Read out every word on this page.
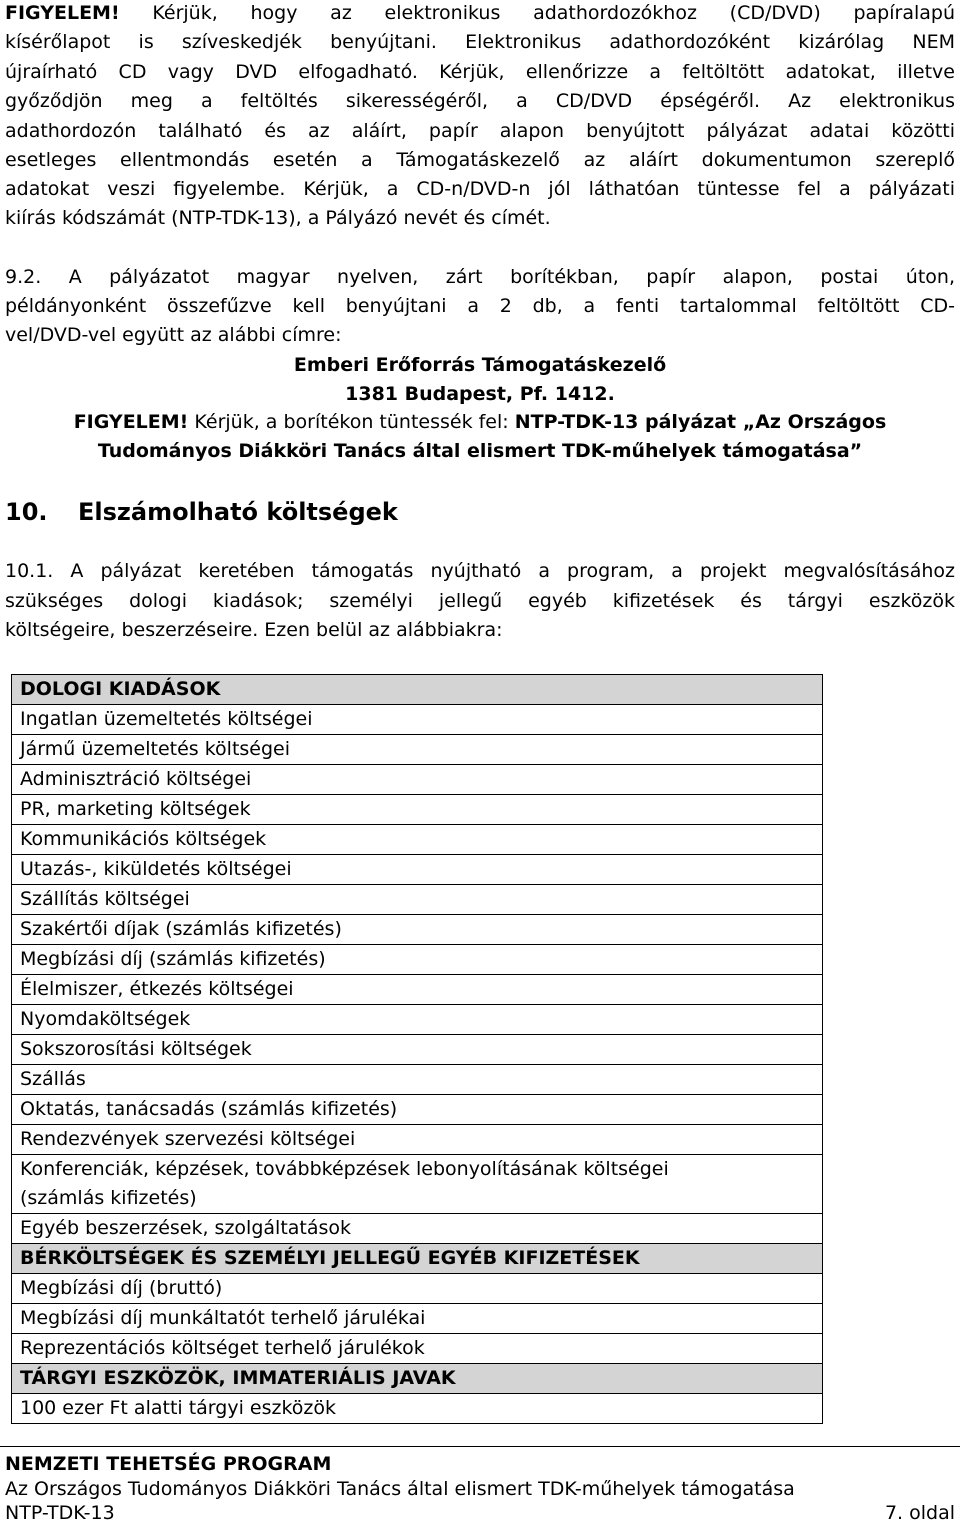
FIGYELEM! Kérjük, hogy az elektronikus adathordozókhoz (CD/DVD) papíralapú
kísérőlapot is szíveskedjék benyújtani. Elektronikus adathordozóként kizárólag NEM
újraírható CD vagy DVD elfogadható. Kérjük, ellenőrizze a feltöltött adatokat, illetve
győződjön meg a feltöltés sikerességéről, a CD/DVD épségéről. Az elektronikus
adathordozón található és az aláírt, papír alapon benyújtott pályázat adatai közötti
esetleges ellentmondás esetén a Támogatáskezelő az aláírt dokumentumon szereplő
adatokat veszi figyelembe. Kérjük, a CD-n/DVD-n jól láthatóan tüntesse fel a pályázati
kiírás kódszámát (NTP-TDK-13), a Pályázó nevét és címét.
9.2. A pályázatot magyar nyelven, zárt borítékban, papír alapon, postai úton,
példányonként összefűzve kell benyújtani a 2 db, a fenti tartalommal feltöltött CD-
vel/DVD-vel együtt az alábbi címre:
Emberi Erőforrás Támogatáskezelő
1381 Budapest, Pf. 1412.
FIGYELEM! Kérjük, a borítékon tüntessék fel: NTP-TDK-13 pályázat „Az Országos
Tudományos Diákköri Tanács által elismert TDK-műhelyek támogatása”
10. Elszámolható költségek
10.1. A pályázat keretében támogatás nyújtható a program, a projekt megvalósításához
szükséges dologi kiadások; személyi jellegű egyéb kifizetések és tárgyi eszközök
költségeire, beszerzéseire. Ezen belül az alábbiakra:
DOLOGI KIADÁSOK
Ingatlan üzemeltetés költségei
Jármű üzemeltetés költségei
Adminisztráció költségei
PR, marketing költségek
Kommunikációs költségek
Utazás-, kiküldetés költségei
Szállítás költségei
Szakértői díjak (számlás kifizetés)
Megbízási díj (számlás kifizetés)
Élelmiszer, étkezés költségei
Nyomdaköltségek
Sokszorosítási költségek
Szállás
Oktatás, tanácsadás (számlás kifizetés)
Rendezvények szervezési költségei

Konferenciák, képzések, továbbképzések lebonyolításának költségei
(számlás kifizetés)

Egyéb beszerzések, szolgáltatások
BÉRKÖLTSÉGEK ÉS SZEMÉLYI JELLEGŰ EGYÉB KIFIZETÉSEK
Megbízási díj (bruttó)
Megbízási díj munkáltatót terhelő járulékai
Reprezentációs költséget terhelő járulékok
TÁRGYI ESZKÖZÖK, IMMATERIÁLIS JAVAK
100 ezer Ft alatti tárgyi eszközök
NEMZETI TEHETSÉG PROGRAM
Az Országos Tudományos Diákköri Tanács által elismert TDK-műhelyek támogatása
NTP-TDK-13	7. oldal
